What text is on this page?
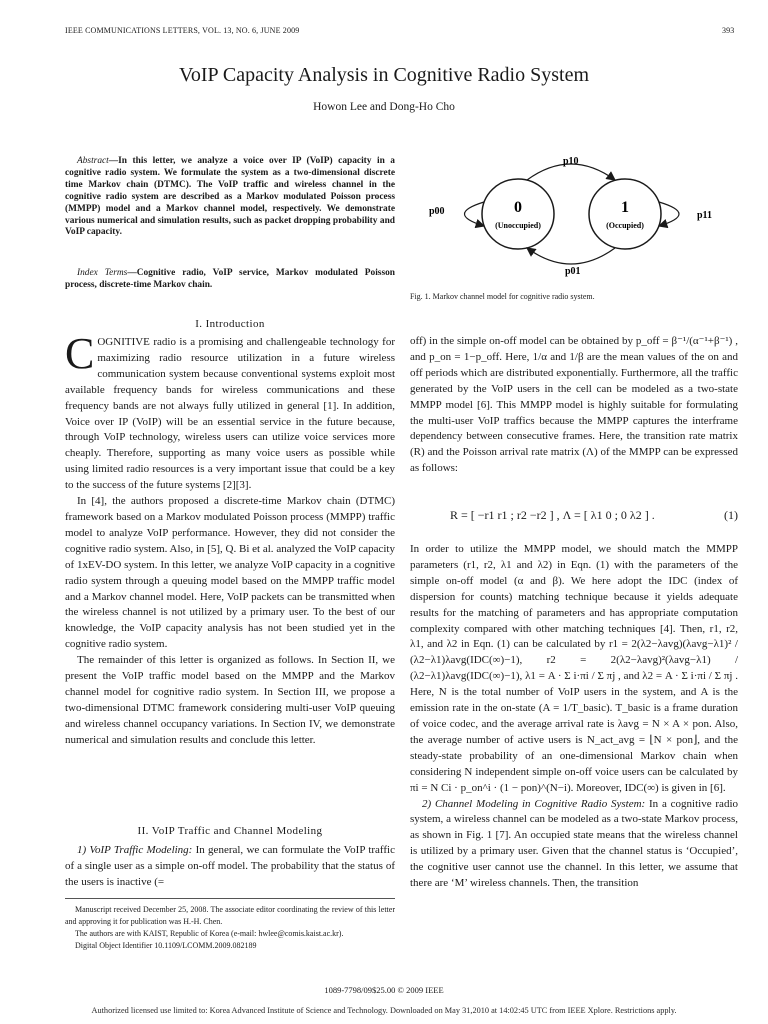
IEEE COMMUNICATIONS LETTERS, VOL. 13, NO. 6, JUNE 2009	393
VoIP Capacity Analysis in Cognitive Radio System
Howon Lee and Dong-Ho Cho
Abstract—In this letter, we analyze a voice over IP (VoIP) capacity in a cognitive radio system. We formulate the system as a two-dimensional discrete time Markov chain (DTMC). The VoIP traffic and wireless channel in the cognitive radio system are described as a Markov modulated Poisson process (MMPP) model and a Markov channel model, respectively. We demonstrate various numerical and simulation results, such as packet dropping probability and VoIP capacity.
Index Terms—Cognitive radio, VoIP service, Markov modulated Poisson process, discrete-time Markov chain.
p10
p00	p11
p01
0
(Unoccupied)
1
(Occupied)
Fig. 1. Markov channel model for cognitive radio system.
I. Introduction

COGNITIVE radio is a promising and challengeable technology for maximizing radio resource utilization in a future wireless communication system because conventional systems exploit most available frequency bands for wireless communications and these frequency bands are not always fully utilized in general [1]. In addition, Voice over IP (VoIP) will be an essential service in the future because, through VoIP technology, wireless users can utilize voice services more cheaply. Therefore, supporting as many voice users as possible while using limited radio resources is a very important issue that could be a key to the success of the future systems [2][3].

In [4], the authors proposed a discrete-time Markov chain (DTMC) framework based on a Markov modulated Poisson process (MMPP) traffic model to analyze VoIP performance. However, they did not consider the cognitive radio system. Also, in [5], Q. Bi et al. analyzed the VoIP capacity of 1xEV-DO system. In this letter, we analyze VoIP capacity in a cognitive radio system through a queuing model based on the MMPP traffic model and a Markov channel model. Here, VoIP packets can be transmitted when the wireless channel is not utilized by a primary user. To the best of our knowledge, the VoIP capacity analysis has not been studied yet in the cognitive radio system.

The remainder of this letter is organized as follows. In Section II, we present the VoIP traffic model based on the MMPP and the Markov channel model for cognitive radio system. In Section III, we propose a two-dimensional DTMC framework considering multi-user VoIP queuing and wireless channel occupancy variations. In Section IV, we demonstrate numerical and simulation results and conclude this letter.

II. VoIP Traffic and Channel Modeling

1) VoIP Traffic Modeling: In general, we can formulate the VoIP traffic of a single user as a simple on-off model. The probability that the status of the users is inactive (=

Manuscript received December 25, 2008. The associate editor coordinating the review of this letter and approving it for publication was H.-H. Chen.

The authors are with KAIST, Republic of Korea (e-mail: hwlee@comis.kaist.ac.kr).

Digital Object Identifier 10.1109/LCOMM.2009.082189

off) in the simple on-off model can be obtained by p_off = β⁻¹/(α⁻¹+β⁻¹) , and p_on = 1−p_off. Here, 1/α and 1/β are the mean values of the on and off periods which are distributed exponentially. Furthermore, all the traffic generated by the VoIP users in the cell can be modeled as a two-state MMPP model [6]. This MMPP model is highly suitable for formulating the multi-user VoIP traffics because the MMPP captures the interframe dependency between consecutive frames. Here, the transition rate matrix (R) and the Poisson arrival rate matrix (Λ) of the MMPP can be expressed as follows:

R = [ −r1 r1 ; r2 −r2 ] , Λ = [ λ1 0 ; 0 λ2 ] .	(1)

In order to utilize the MMPP model, we should match the MMPP parameters (r1, r2, λ1 and λ2) in Eqn. (1) with the parameters of the simple on-off model (α and β). We here adopt the IDC (index of dispersion for counts) matching technique because it yields adequate results for the matching of parameters and has appropriate computation complexity compared with other matching techniques [4]. Then, r1, r2, λ1, and λ2 in Eqn. (1) can be calculated by r1 = 2(λ2−λavg)(λavg−λ1)² / (λ2−λ1)λavg(IDC(∞)−1), r2 = 2(λ2−λavg)²(λavg−λ1) / (λ2−λ1)λavg(IDC(∞)−1), λ1 = A · Σ i·πi / Σ πj , and λ2 = A · Σ i·πi / Σ πj . Here, N is the total number of VoIP users in the system, and A is the emission rate in the on-state (A = 1/T_basic). T_basic is a frame duration of voice codec, and the average arrival rate is λavg = N × A × pon. Also, the average number of active users is N_act_avg = ⌊N × pon⌋, and the steady-state probability of an one-dimensional Markov chain when considering N independent simple on-off voice users can be calculated by πi = N Ci · p_on^i · (1 − pon)^(N−i). Moreover, IDC(∞) is given in [6].

2) Channel Modeling in Cognitive Radio System: In a cognitive radio system, a wireless channel can be modeled as a two-state Markov process, as shown in Fig. 1 [7]. An occupied state means that the wireless channel is utilized by a primary user. Given that the channel status is ‘Occupied’, the cognitive user cannot use the channel. In this letter, we assume that there are ‘M’ wireless channels. Then, the transition

1089-7798/09$25.00 © 2009 IEEE
Authorized licensed use limited to: Korea Advanced Institute of Science and Technology. Downloaded on May 31,2010 at 14:02:45 UTC from IEEE Xplore. Restrictions apply.
